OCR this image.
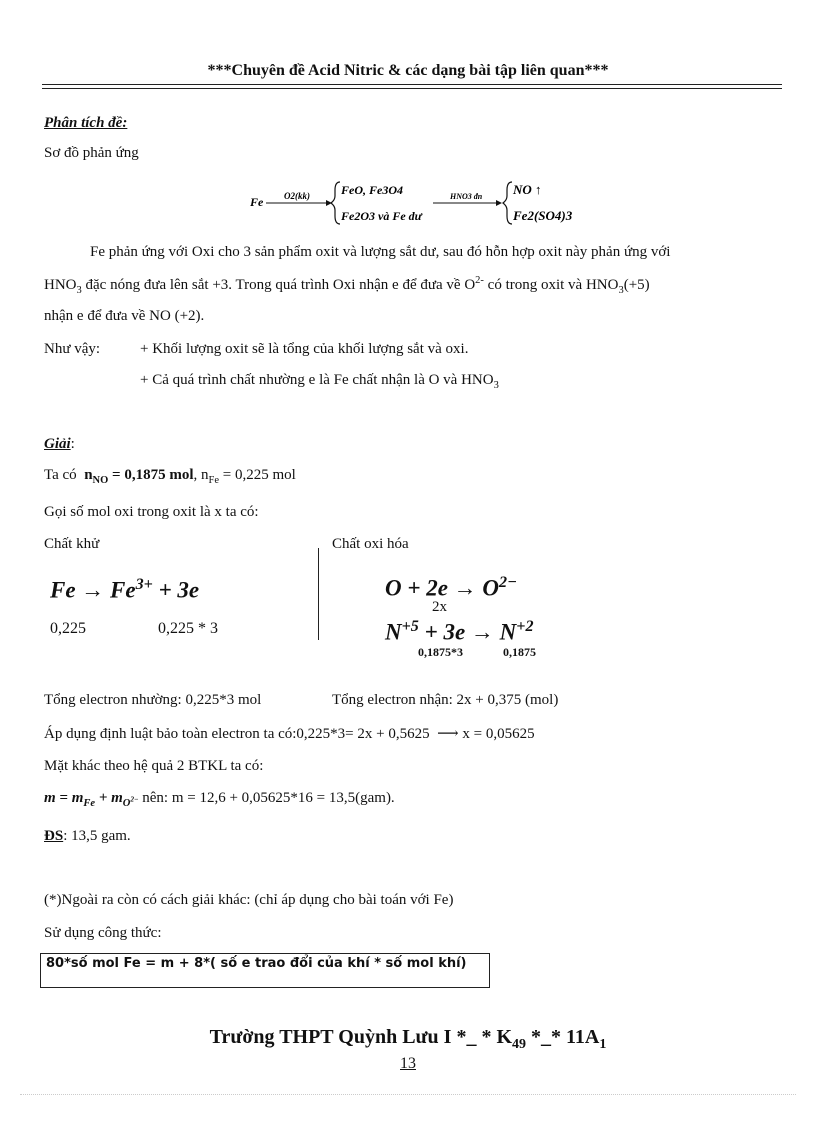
***Chuyên đề Acid Nitric & các dạng bài tập liên quan***
Phân tích đề:
Sơ đồ phản ứng
Fe O2(kk)	FeO, Fe3O4
Fe2O3 và Fe dư
HNO3 đn NO ↑
Fe2(SO4)3
Fe phản ứng với Oxi cho 3 sản phẩm oxit và lượng sắt dư, sau đó hỗn hợp oxit này phản ứng với
$HNO_3$ đặc nóng đưa lên sắt +3. Trong quá trình Oxi nhận e để đưa về $O^{2-}$ có trong oxit và $HNO_3(+5)$
nhận e để đưa về NO (+2).
Như vậy:	+ Khối lượng oxit sẽ là tổng của khối lượng sắt và oxi.
+ Cả quá trình chất nhường e là Fe chất nhận là O và $HNO_3$
Giải:
Ta có $n_{NO} = 0,1875$ mol, $n_{Fe} = 0,225$ mol
Gọi số mol oxi trong oxit là x ta có:
Chất khử	Chất oxi hóa
$Fe \to Fe^{3+} + 3e$
0,225	0,225 * 3
$O + 2e \to O^{2-}$
2x
$N^{+5} + 3e \to N^{+2}$
0,1875*3	0,1875
Tổng electron nhường: 0,225*3 mol	Tổng electron nhận: 2x + 0,375 (mol)
Áp dụng định luật bảo toàn electron ta có:0,225*3= 2x + 0,5625 ⟶ x = 0,05625
Mặt khác theo hệ quả 2 BTKL ta có:
$m = m_{Fe} + m_{O^{2-}}$ nên: m = 12,6 + 0,05625*16 = 13,5(gam).
ĐS: 13,5 gam.
(*)Ngoài ra còn có cách giải khác: (chỉ áp dụng cho bài toán với Fe)
Sử dụng công thức:
80*số mol Fe = m + 8*( số e trao đổi của khí * số mol khí)
Trường THPT Quỳnh Lưu I *_ * $K_{49}$ *_* $11A_1$
13
